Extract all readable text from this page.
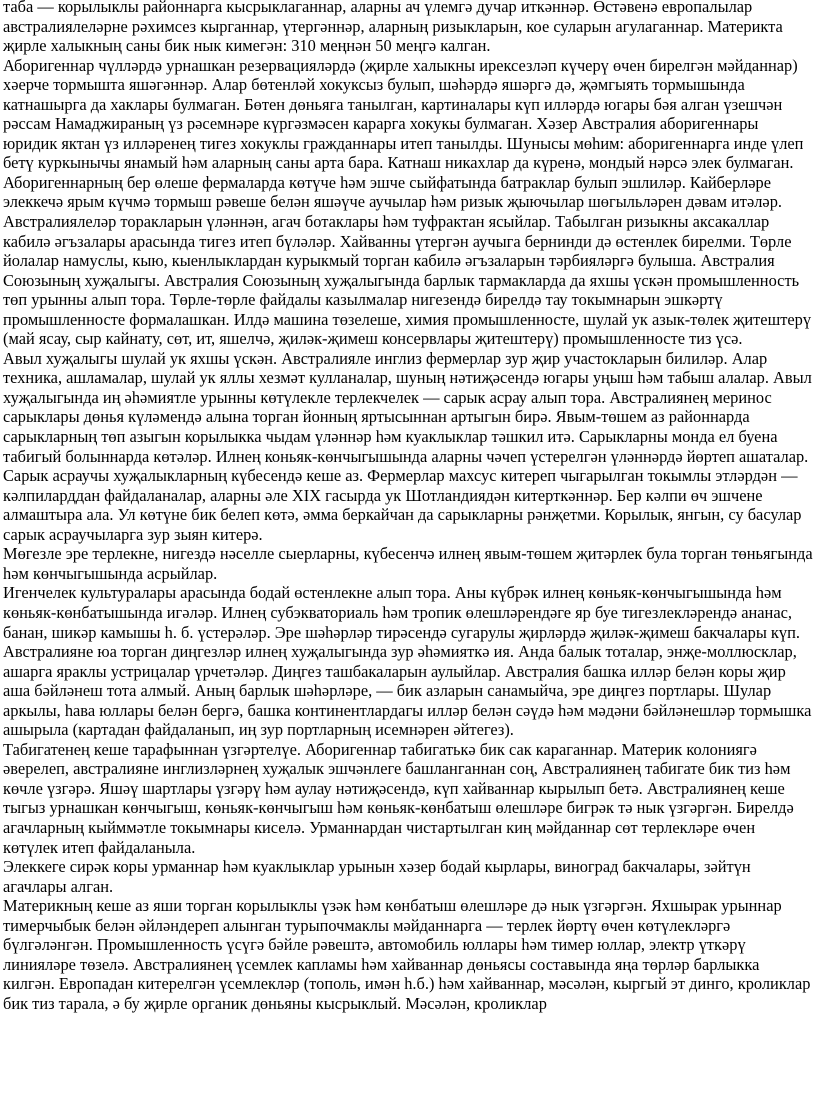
таба — корылыклы районнарга кысрыклаганнар, аларны ач үлемгә дучар иткәннәр. Өстәвенә европалылар австралиялеләрне рәхимсез кырганнар, үтергәннәр, аларның ризыкларын, кое суларын агулаганнар. Материкта җирле халыкның саны бик нык кимегән: 310 меңнән 50 меңгә калган.

Аборигеннар чүлләрдә урнашкан резервацияләрдә (җирле халыкны ирексезләп күчерү өчен бирелгән мәйданнар) хәерче тормышта яшәгәннәр. Алар бөтенләй хокуксыз булып, шәһәрдә яшәргә дә, җәмгыять тормышында катнашырга да хаклары булмаган. Бөтен дөньяга танылган, картиналары күп илләрдә югары бәя алган үзешчән рәссам Намаджираның үз рәсемнәре күргәзмәсен карарга хокукы булмаган. Хәзер Австралия аборигеннары юридик яктан үз илләренең тигез хокуклы гражданнары итеп танылды. Шунысы мөһим: аборигеннарга инде үлеп бетү куркынычы янамый һәм аларның саны арта бара. Катнаш никахлар да күренә, мондый нәрсә элек булмаган. Аборигеннарның бер өлеше фермаларда көтүче һәм эшче сыйфатында батраклар булып эшлиләр. Кайберләре элеккечә ярым күчмә тормыш рәвеше белән яшәүче аучылар һәм ризык җыючылар шөгыльләрен дәвам итәләр. Австралиялеләр торакларын үләннән, агач ботаклары һәм туфрактан ясыйлар. Табылган ризыкны аксакаллар кабилә әгъзалары арасында тигез итеп бүләләр. Хайванны үтергән аучыга бернинди дә өстенлек бирелми. Төрле йолалар намуслы, кыю, кыенлыклардан курыкмый торган кабилә әгъзаларын тәрбияләргә булыша. Австралия Союзының хуҗалыгы. Австралия Союзының хуҗалыгында барлык тармакларда да яхшы үскән промышленность төп урынны алып тора. Төрле-төрле файдалы казылмалар нигезендә бирелдә тау токымнарын эшкәртү промышленносте формалашкан. Илдә машина төзелеше, химия промышленносте, шулай ук азык-төлек җитештерү (май ясау, сыр кайнату, сөт, ит, яшелчә, җиләк-җимеш консервлары җитештерү) промышленносте тиз үсә.

Авыл хуҗалыгы шулай ук яхшы үскән. Австралияле инглиз фермерлар зур җир участокларын билиләр. Алар техника, ашламалар, шулай ук яллы хезмәт кулланалар, шуның нәтиҗәсендә югары уңыш һәм табыш алалар. Авыл хуҗалыгында иң әһәмиятле урынны көтүлекле терлекчелек — сарык асрау алып тора. Австралиянең меринос сарыклары дөнья күләмендә алына торган йонның яртысыннан артыгын бирә. Явым-төшем аз районнарда

сарыкларның төп азыгын корылыкка чыдам үләннәр һәм куаклыклар тәшкил итә. Сарыкларны монда ел буена табигый болыннарда көтәләр. Илнең коньяк-көнчыгышында аларны чәчеп үстерелгән үләннәрдә йөртеп ашаталар.

Сарык асраучы хуҗалыкларның күбесендә кеше аз. Фермерлар махсус китереп чыгарылган токымлы этләрдән — кәлпиларддан файдаланалар, аларны әле XIX гасырда ук Шотландиядән китерткәннәр. Бер кәлпи өч эшчене алмаштыра ала. Ул көтүне бик белеп көтә, әмма беркайчан да сарыкларны рәнҗетми. Корылык, янгын, су басулар сарык асраучыларга зур зыян китерә.

Мөгезле эре терлекне, нигездә нәселле сыерларны, күбесенчә илнең явым-төшем җитәрлек була торган төньягында һәм көнчыгышында асрыйлар.

Игенчелек культуралары арасында бодай өстенлекне алып тора. Аны күбрәк илнең көньяк-көнчыгышында һәм көньяк-көнбатышында игәләр. Илнең субэкваториаль һәм тропик өлешләрендәге яр буе тигезлекләрендә ананас, банан, шикәр камышы һ. б. үстерәләр. Эре шәһәрләр тирәсендә сугарулы җирләрдә җиләк-җимеш бакчалары күп.

Австралияне юа торган диңгезләр илнең хуҗалыгында зур әһәмияткә ия. Анда балык тоталар, энҗе-моллюсклар, ашарга яраклы устрицалар үрчетәләр. Диңгез ташбакаларын аулыйлар. Австралия башка илләр белән коры җир аша бәйләнеш тота алмый. Аның барлык шәһәрләре, — бик азларын санамыйча, эре диңгез портлары. Шулар аркылы, һава юллары белән бергә, башка континентлардагы илләр белән сәүдә һәм мәдәни бәйләнешләр тормышка ашырыла (картадан файдаланып, иң зур портларның исемнәрен әйтегез).

Табигатенең кеше тарафыннан үзгәртелүе. Аборигеннар табигатькә бик сак караганнар. Материк колониягә әверелеп, австралияне инглизләрнең хуҗалык эшчәнлеге башланганнан соң, Австралиянең табигате бик тиз һәм көчле үзгәрә. Яшәү шартлары үзгәрү һәм аулау нәтиҗәсендә, күп хайваннар кырылып бетә. Австралиянең кеше тыгыз урнашкан көнчыгыш, көньяк-көнчыгыш һәм көньяк-көнбатыш өлешләре бигрәк тә нык үзгәргән. Бирелдә агачларның кыйммәтле токымнары киселә. Урманнардан чистартылган киң мәйданнар сөт терлекләре өчен көтүлек итеп файдаланыла.

Элеккеге сирәк коры урманнар һәм куаклыклар урынын хәзер бодай кырлары, виноград бакчалары, зәйтүн агачлары алган.

Материкның кеше аз яши торган корылыклы үзәк һәм көнбатыш өлешләре дә нык үзгәргән. Яхшырак урыннар тимерчыбык белән әйләндереп алынган турыпочмаклы мәйданнарга — терлек йөртү өчен көтүлекләргә бүлгәләнгән. Промышленность үсүгә бәйле рәвештә, автомобиль юллары һәм тимер юллар, электр үткәрү линияләре төзелә. Австралиянең үсемлек капламы һәм хайваннар дөньясы составында яңа төрләр барлыкка килгән. Европадан китерелгән үсемлекләр (тополь, имән һ.б.) һәм хайваннар, мәсәлән, кыргый эт динго, кроликлар бик тиз тарала, ә бу җирле органик дөньяны кысрыклый. Мәсәлән, кроликлар
